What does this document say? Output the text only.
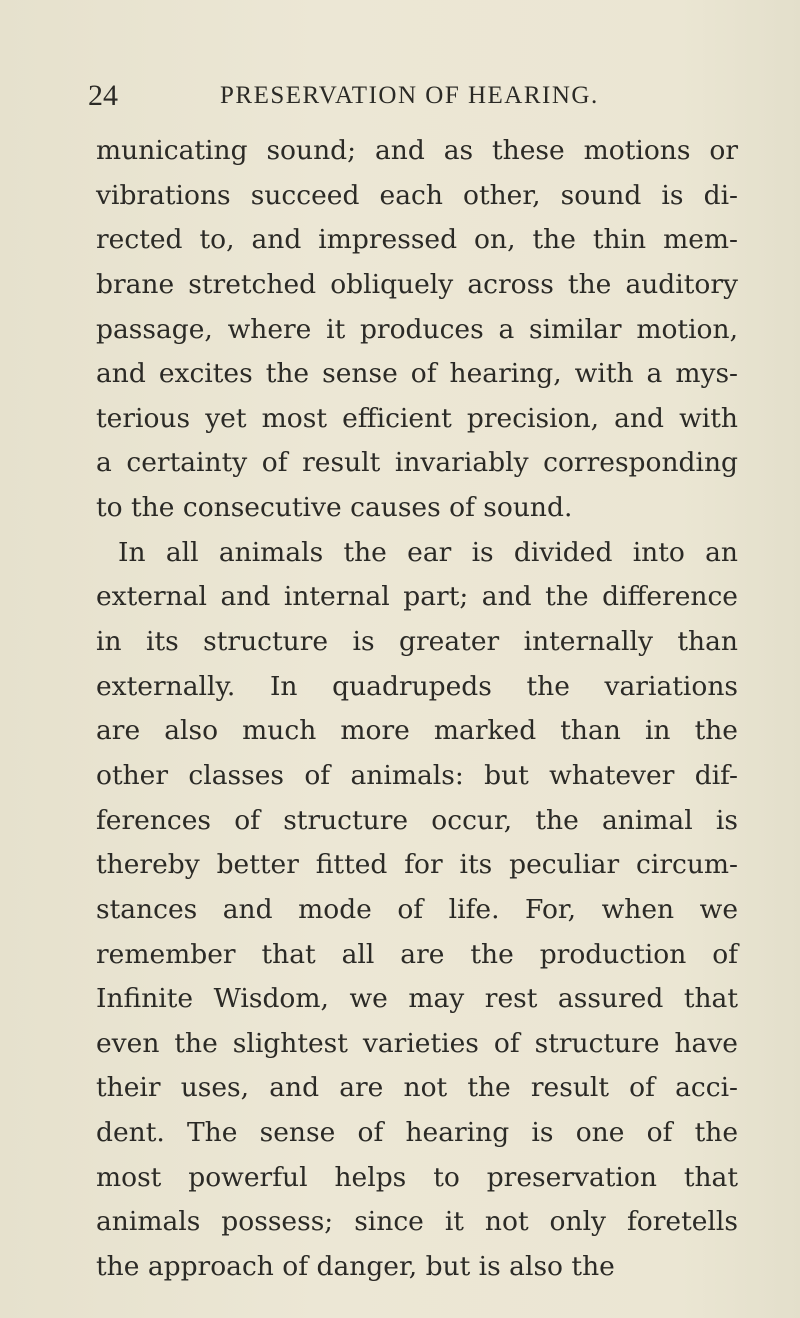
24	PRESERVATION OF HEARING.
municating sound; and as these motions or
vibrations succeed each other, sound is di-
rected to, and impressed on, the thin mem-
brane stretched obliquely across the auditory
passage, where it produces a similar motion,
and excites the sense of hearing, with a mys-
terious yet most efficient precision, and with
a certainty of result invariably corresponding
to the consecutive causes of sound.
In all animals the ear is divided into an
external and internal part; and the difference
in its structure is greater internally than
externally. In quadrupeds the variations
are also much more marked than in the
other classes of animals: but whatever dif-
ferences of structure occur, the animal is
thereby better fitted for its peculiar circum-
stances and mode of life. For, when we
remember that all are the production of
Infinite Wisdom, we may rest assured that
even the slightest varieties of structure have
their uses, and are not the result of acci-
dent. The sense of hearing is one of the
most powerful helps to preservation that
animals possess; since it not only foretells
the approach of danger, but is also the
